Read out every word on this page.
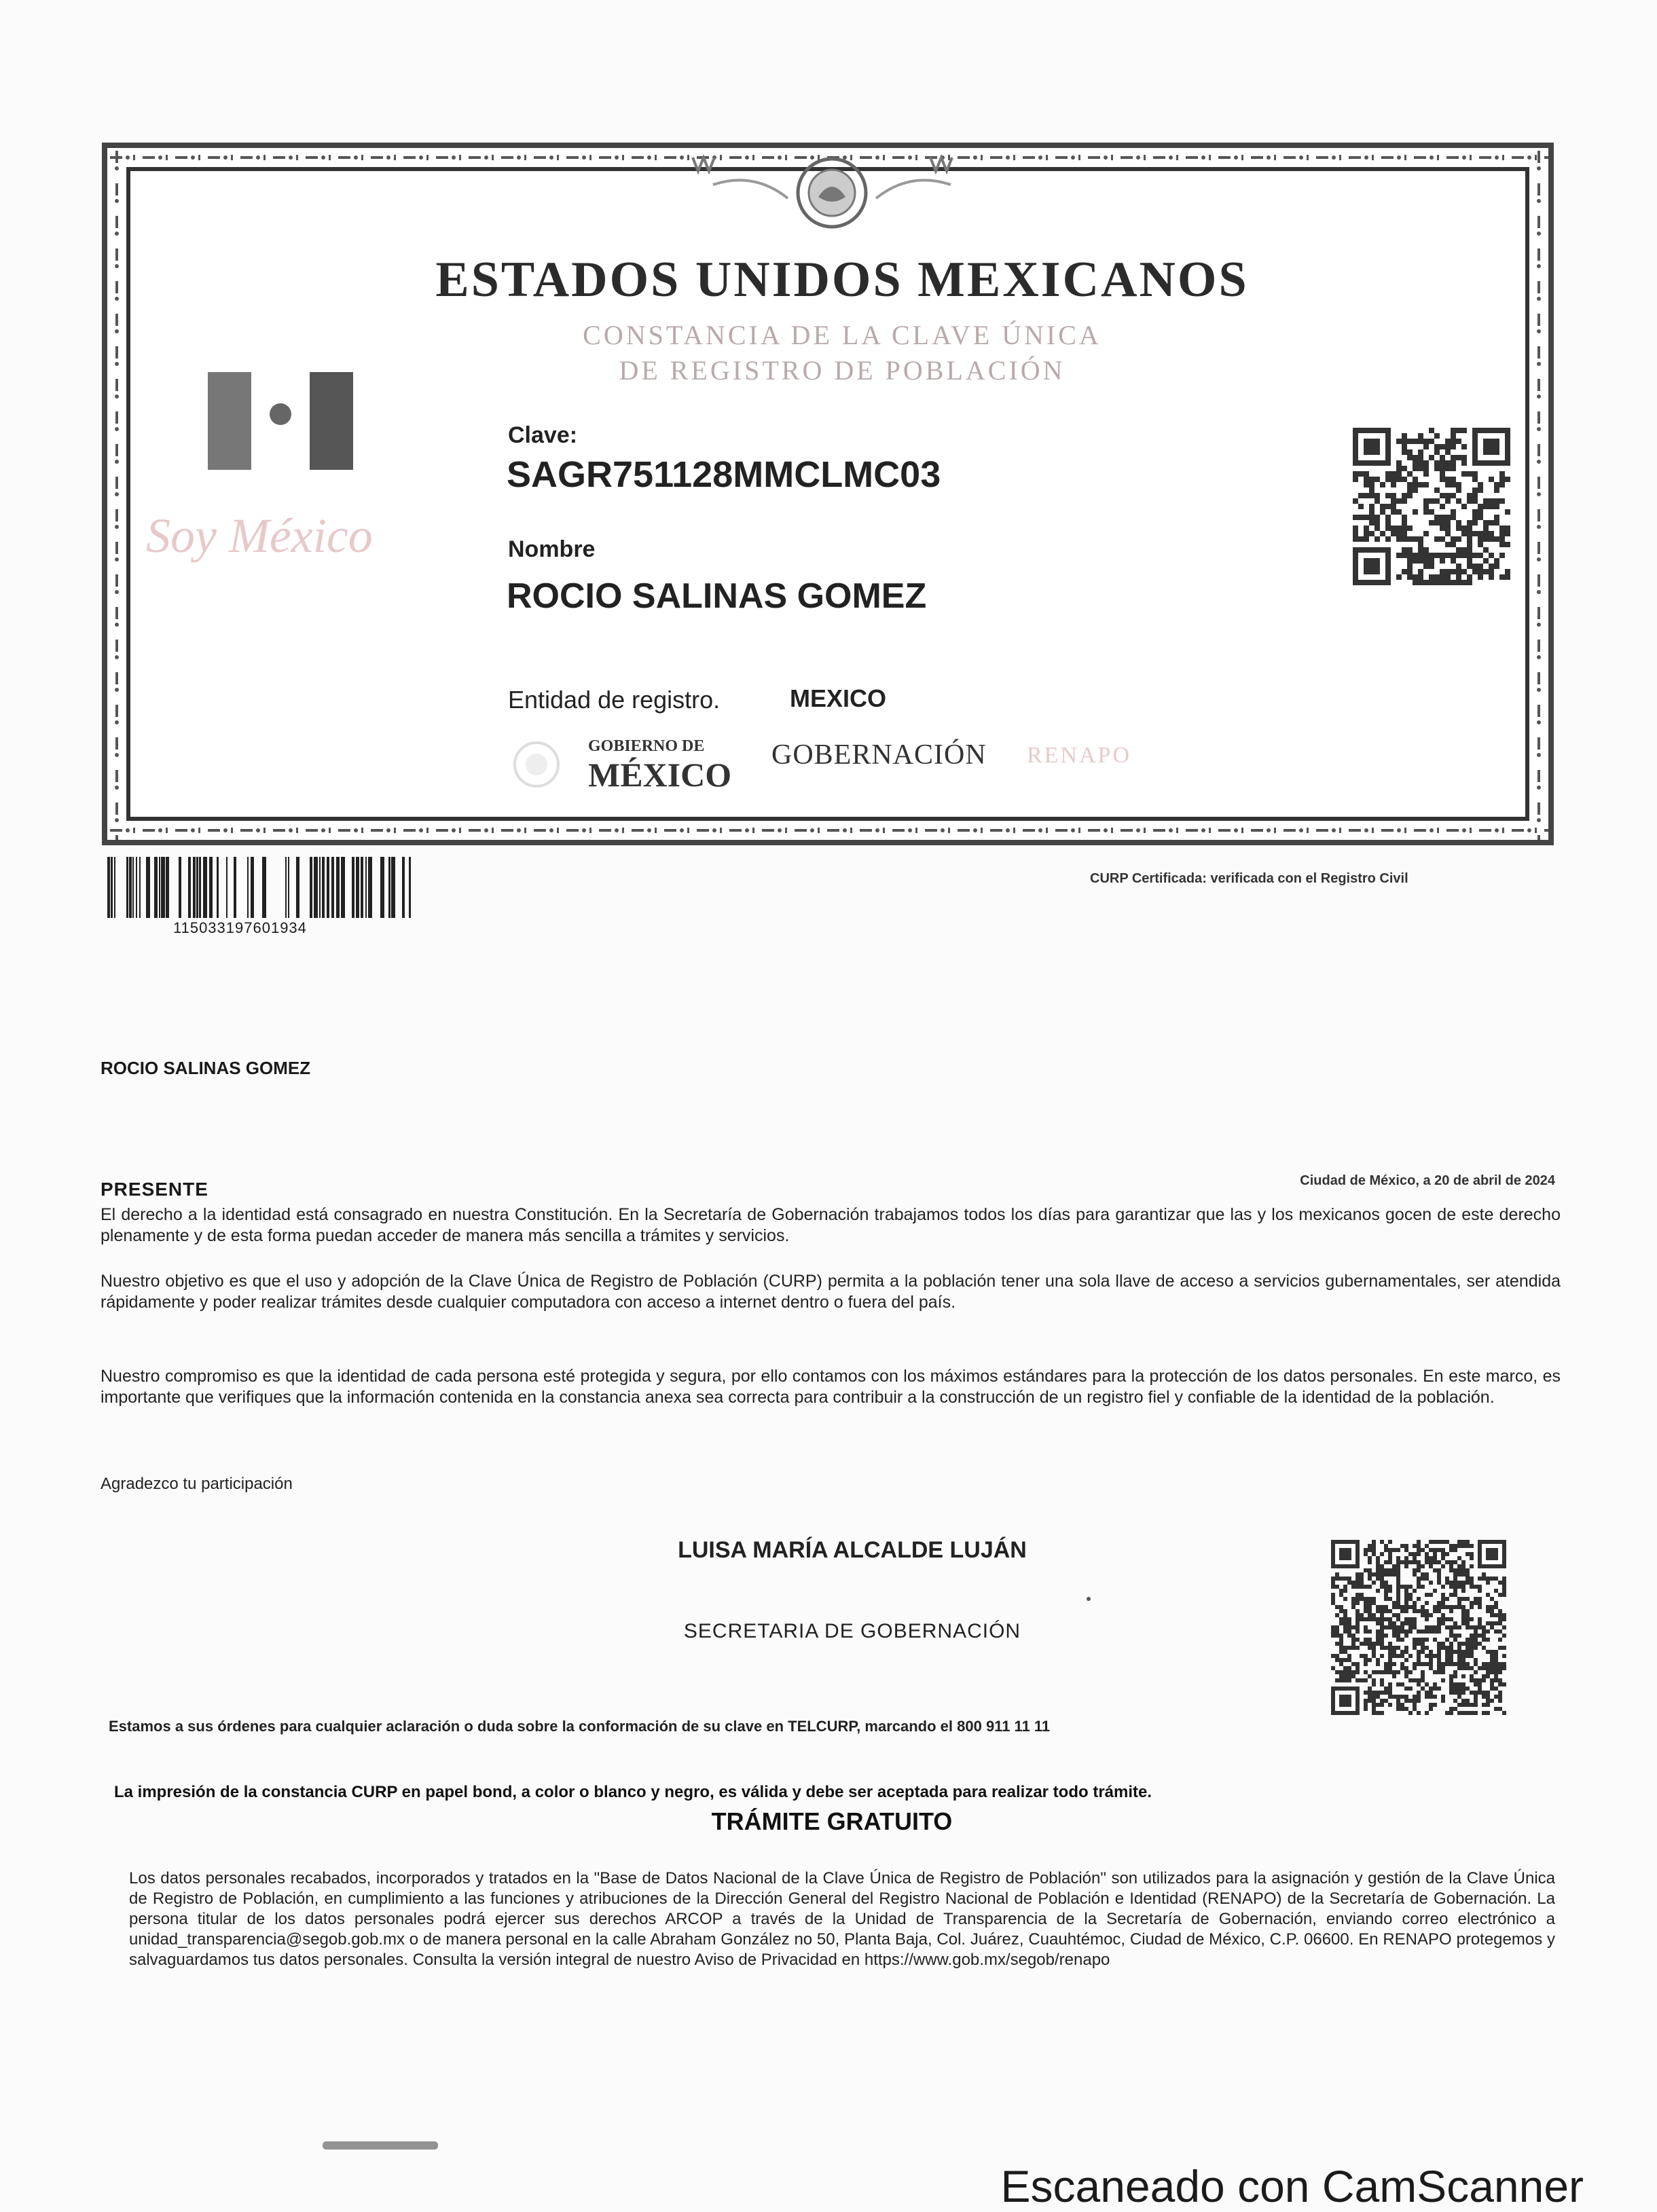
ESTADOS UNIDOS MEXICANOS
CONSTANCIA DE LA CLAVE ÚNICA
DE REGISTRO DE POBLACIÓN
Soy México
Clave:
SAGR751128MMCLMC03
Nombre
ROCIO SALINAS GOMEZ
Entidad de registro.	MEXICO
GOBIERNO DE
MÉXICO
GOBERNACIÓN RENAPO
115033197601934
CURP Certificada: verificada con el Registro Civil
ROCIO SALINAS GOMEZ
PRESENTE	Ciudad de México, a 20 de abril de 2024
El derecho a la identidad está consagrado en nuestra Constitución. En la Secretaría de Gobernación trabajamos todos los días para garantizar que las y los mexicanos gocen de este derecho plenamente y de esta forma puedan acceder de manera más sencilla a trámites y servicios.
Nuestro objetivo es que el uso y adopción de la Clave Única de Registro de Población (CURP) permita a la población tener una sola llave de acceso a servicios gubernamentales, ser atendida rápidamente y poder realizar trámites desde cualquier computadora con acceso a internet dentro o fuera del país.
Nuestro compromiso es que la identidad de cada persona esté protegida y segura, por ello contamos con los máximos estándares para la protección de los datos personales. En este marco, es importante que verifiques que la información contenida en la constancia anexa sea correcta para contribuir a la construcción de un registro fiel y confiable de la identidad de la población.
Agradezco tu participación
LUISA MARÍA ALCALDE LUJÁN
SECRETARIA DE GOBERNACIÓN
Estamos a sus órdenes para cualquier aclaración o duda sobre la conformación de su clave en TELCURP, marcando el 800 911 11 11
La impresión de la constancia CURP en papel bond, a color o blanco y negro, es válida y debe ser aceptada para realizar todo trámite.
TRÁMITE GRATUITO
Los datos personales recabados, incorporados y tratados en la "Base de Datos Nacional de la Clave Única de Registro de Población" son utilizados para la asignación y gestión de la Clave Única de Registro de Población, en cumplimiento a las funciones y atribuciones de la Dirección General del Registro Nacional de Población e Identidad (RENAPO) de la Secretaría de Gobernación. La persona titular de los datos personales podrá ejercer sus derechos ARCOP a través de la Unidad de Transparencia de la Secretaría de Gobernación, enviando correo electrónico a unidad_transparencia@segob.gob.mx o de manera personal en la calle Abraham González no 50, Planta Baja, Col. Juárez, Cuauhtémoc, Ciudad de México, C.P. 06600. En RENAPO protegemos y salvaguardamos tus datos personales. Consulta la versión integral de nuestro Aviso de Privacidad en https://www.gob.mx/segob/renapo
Escaneado con CamScanner
